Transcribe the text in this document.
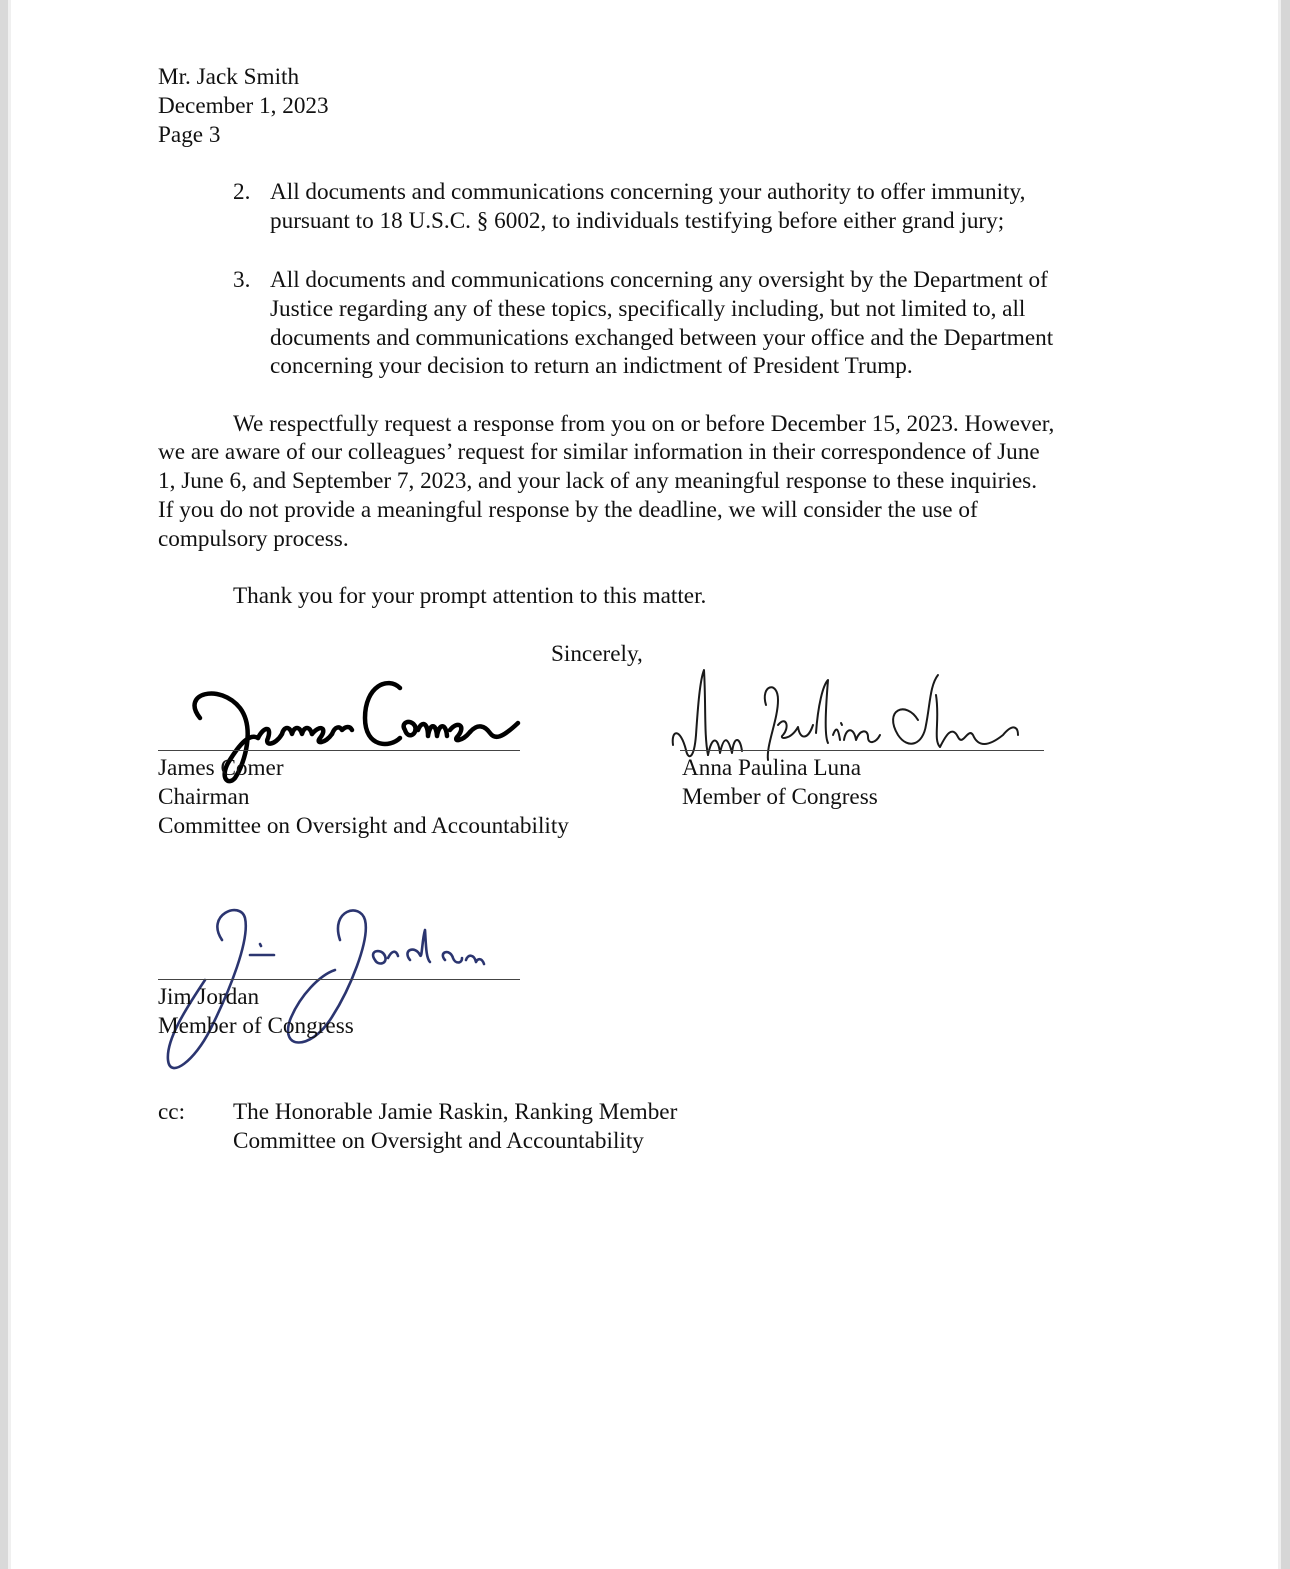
Mr. Jack Smith
December 1, 2023
Page 3
2. All documents and communications concerning your authority to offer immunity,
pursuant to 18 U.S.C. § 6002, to individuals testifying before either grand jury;
3. All documents and communications concerning any oversight by the Department of
Justice regarding any of these topics, specifically including, but not limited to, all
documents and communications exchanged between your office and the Department
concerning your decision to return an indictment of President Trump.
We respectfully request a response from you on or before December 15, 2023. However,
we are aware of our colleagues’ request for similar information in their correspondence of June
1, June 6, and September 7, 2023, and your lack of any meaningful response to these inquiries.
If you do not provide a meaningful response by the deadline, we will consider the use of
compulsory process.
Thank you for your prompt attention to this matter.
Sincerely,
James Comer
Chairman
Committee on Oversight and Accountability
Anna Paulina Luna
Member of Congress
Jim Jordan
Member of Congress
cc: The Honorable Jamie Raskin, Ranking Member
Committee on Oversight and Accountability
